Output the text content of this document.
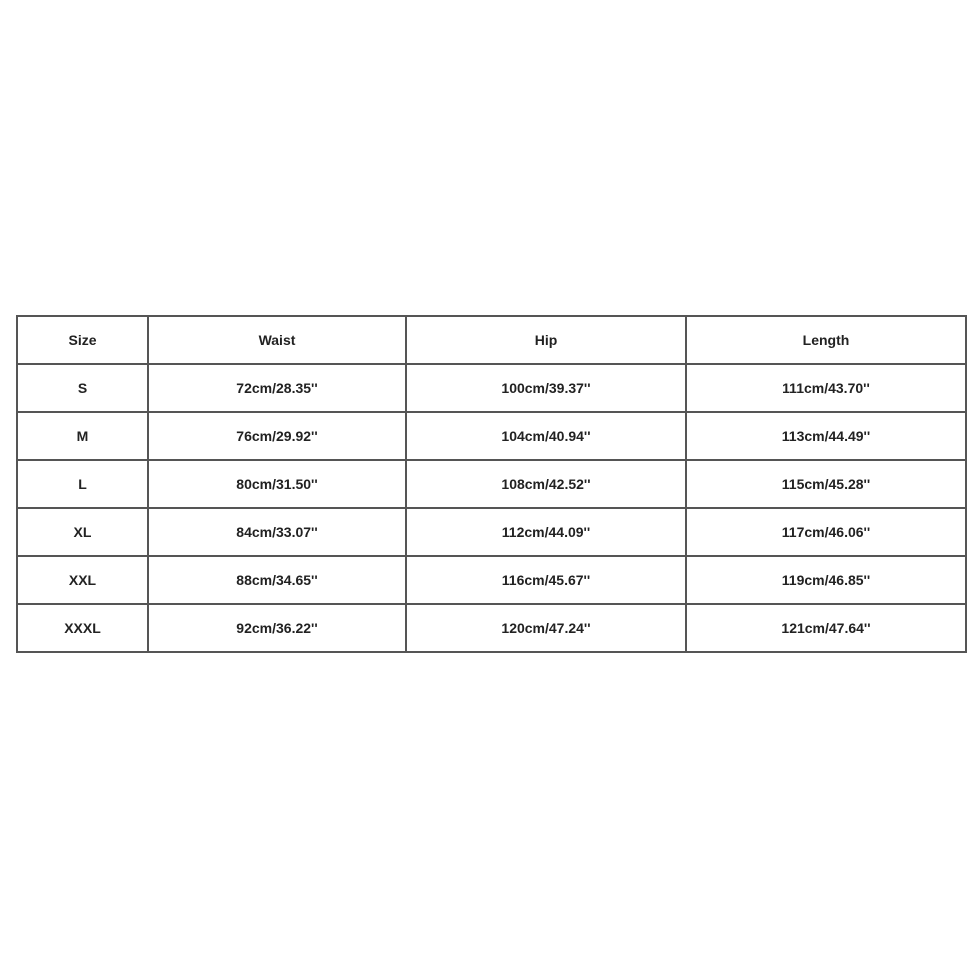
Size	Waist	Hip	Length
S	72cm/28.35''	100cm/39.37''	111cm/43.70''
M	76cm/29.92''	104cm/40.94''	113cm/44.49''
L	80cm/31.50''	108cm/42.52''	115cm/45.28''
XL	84cm/33.07''	112cm/44.09''	117cm/46.06''
XXL	88cm/34.65''	116cm/45.67''	119cm/46.85''
XXXL	92cm/36.22''	120cm/47.24''	121cm/47.64''
